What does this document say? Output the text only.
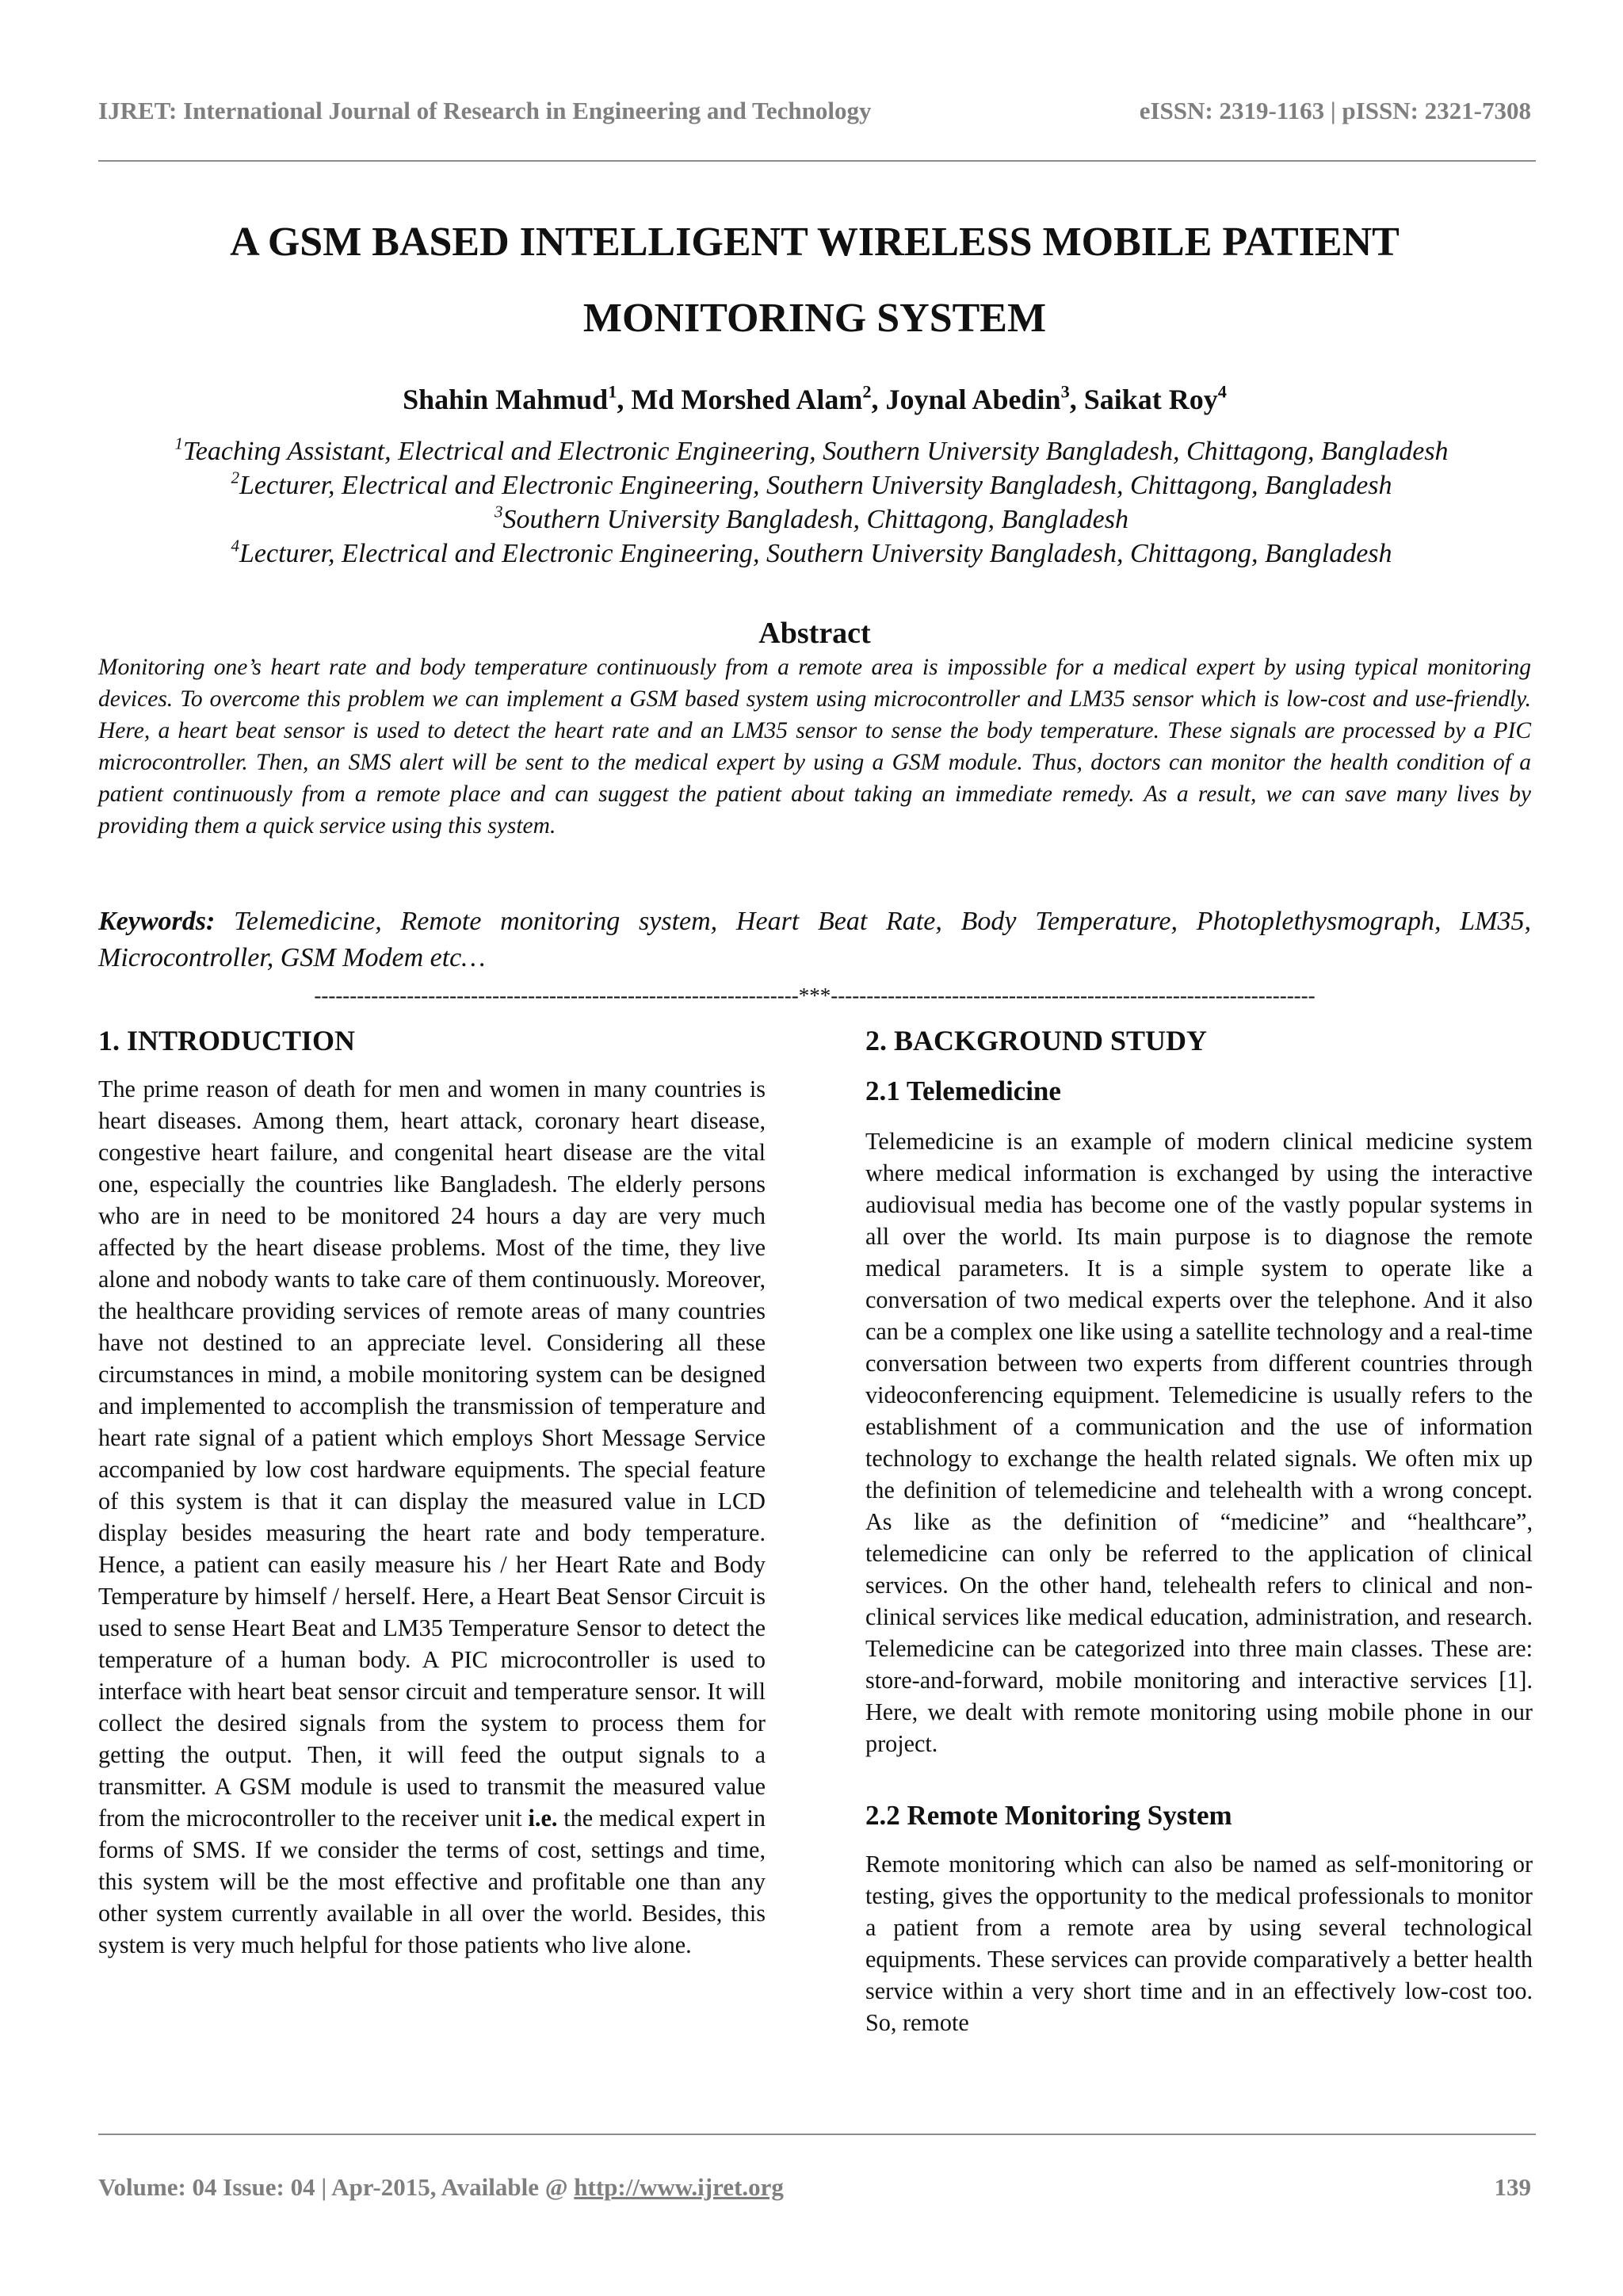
IJRET: International Journal of Research in Engineering and Technology	eISSN: 2319-1163 | pISSN: 2321-7308
A GSM BASED INTELLIGENT WIRELESS MOBILE PATIENT
MONITORING SYSTEM
Shahin Mahmud$^1$, Md Morshed Alam$^2$, Joynal Abedin$^3$, Saikat Roy$^4$
$^1$Teaching Assistant, Electrical and Electronic Engineering, Southern University Bangladesh, Chittagong, Bangladesh
$^2$Lecturer, Electrical and Electronic Engineering, Southern University Bangladesh, Chittagong, Bangladesh
$^3$Southern University Bangladesh, Chittagong, Bangladesh
$^4$Lecturer, Electrical and Electronic Engineering, Southern University Bangladesh, Chittagong, Bangladesh
Abstract
Monitoring one’s heart rate and body temperature continuously from a remote area is impossible for a medical expert by using typical monitoring devices. To overcome this problem we can implement a GSM based system using microcontroller and LM35 sensor which is low-cost and use-friendly. Here, a heart beat sensor is used to detect the heart rate and an LM35 sensor to sense the body temperature. These signals are processed by a PIC microcontroller. Then, an SMS alert will be sent to the medical expert by using a GSM module. Thus, doctors can monitor the health condition of a patient continuously from a remote place and can suggest the patient about taking an immediate remedy. As a result, we can save many lives by providing them a quick service using this system.
Keywords: Telemedicine, Remote monitoring system, Heart Beat Rate, Body Temperature, Photoplethysmograph, LM35, Microcontroller, GSM Modem etc…
--------------------------------------------------------------------***--------------------------------------------------------------------
1. INTRODUCTION

The prime reason of death for men and women in many countries is heart diseases. Among them, heart attack, coronary heart disease, congestive heart failure, and congenital heart disease are the vital one, especially the countries like Bangladesh. The elderly persons who are in need to be monitored 24 hours a day are very much affected by the heart disease problems. Most of the time, they live alone and nobody wants to take care of them continuously. Moreover, the healthcare providing services of remote areas of many countries have not destined to an appreciate level. Considering all these circumstances in mind, a mobile monitoring system can be designed and implemented to accomplish the transmission of temperature and heart rate signal of a patient which employs Short Message Service accompanied by low cost hardware equipments. The special feature of this system is that it can display the measured value in LCD display besides measuring the heart rate and body temperature. Hence, a patient can easily measure his / her Heart Rate and Body Temperature by himself / herself. Here, a Heart Beat Sensor Circuit is used to sense Heart Beat and LM35 Temperature Sensor to detect the temperature of a human body. A PIC microcontroller is used to interface with heart beat sensor circuit and temperature sensor. It will collect the desired signals from the system to process them for getting the output. Then, it will feed the output signals to a transmitter. A GSM module is used to transmit the measured value from the microcontroller to the receiver unit i.e. the medical expert in forms of SMS. If we consider the terms of cost, settings and time, this system will be the most effective and profitable one than any other system currently available in all over the world. Besides, this system is very much helpful for those patients who live alone.

2. BACKGROUND STUDY
2.1 Telemedicine

Telemedicine is an example of modern clinical medicine system where medical information is exchanged by using the interactive audiovisual media has become one of the vastly popular systems in all over the world. Its main purpose is to diagnose the remote medical parameters. It is a simple system to operate like a conversation of two medical experts over the telephone. And it also can be a complex one like using a satellite technology and a real-time conversation between two experts from different countries through videoconferencing equipment. Telemedicine is usually refers to the establishment of a communication and the use of information technology to exchange the health related signals. We often mix up the definition of telemedicine and telehealth with a wrong concept. As like as the definition of “medicine” and “healthcare”, telemedicine can only be referred to the application of clinical services. On the other hand, telehealth refers to clinical and non-clinical services like medical education, administration, and research. Telemedicine can be categorized into three main classes. These are: store-and-forward, mobile monitoring and interactive services [1]. Here, we dealt with remote monitoring using mobile phone in our project.

2.2 Remote Monitoring System

Remote monitoring which can also be named as self-monitoring or testing, gives the opportunity to the medical professionals to monitor a patient from a remote area by using several technological equipments. These services can provide comparatively a better health service within a very short time and in an effectively low-cost too. So, remote

Volume: 04 Issue: 04 | Apr-2015, Available @ http://www.ijret.org	139
